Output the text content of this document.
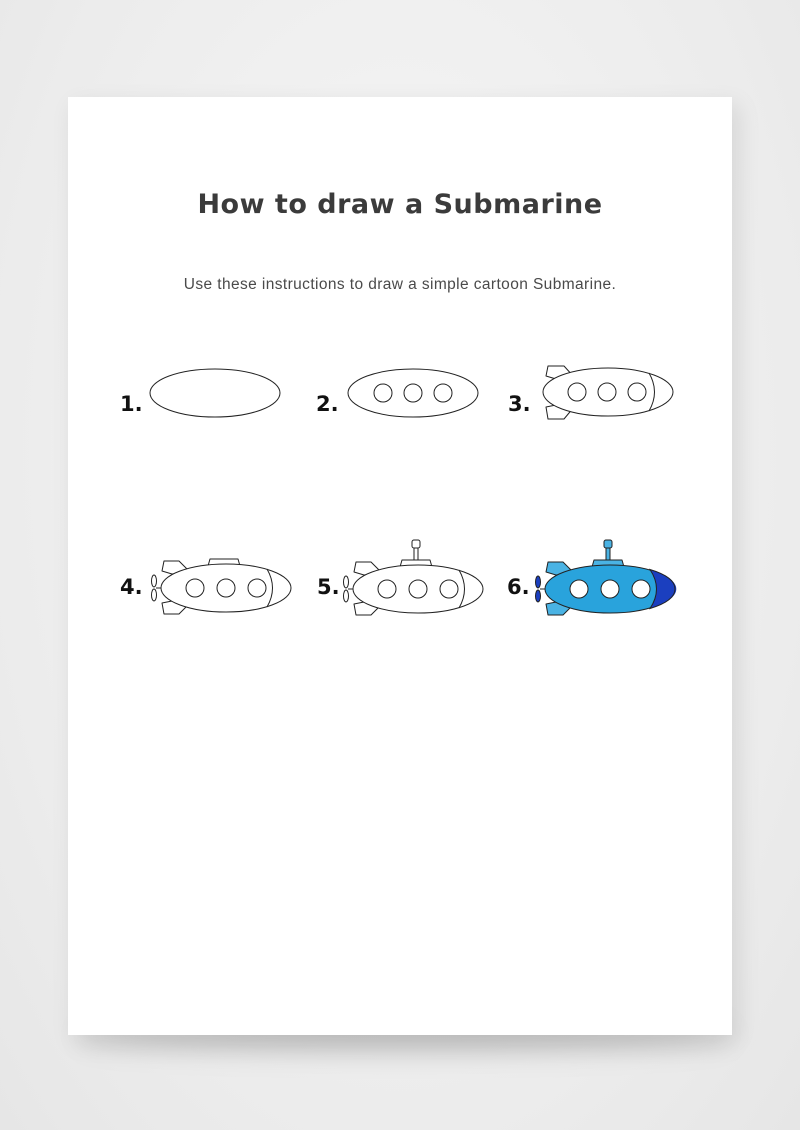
How to draw a Submarine
Use these instructions to draw a simple cartoon Submarine.
1.	2.	3.
4.	5.	6.
